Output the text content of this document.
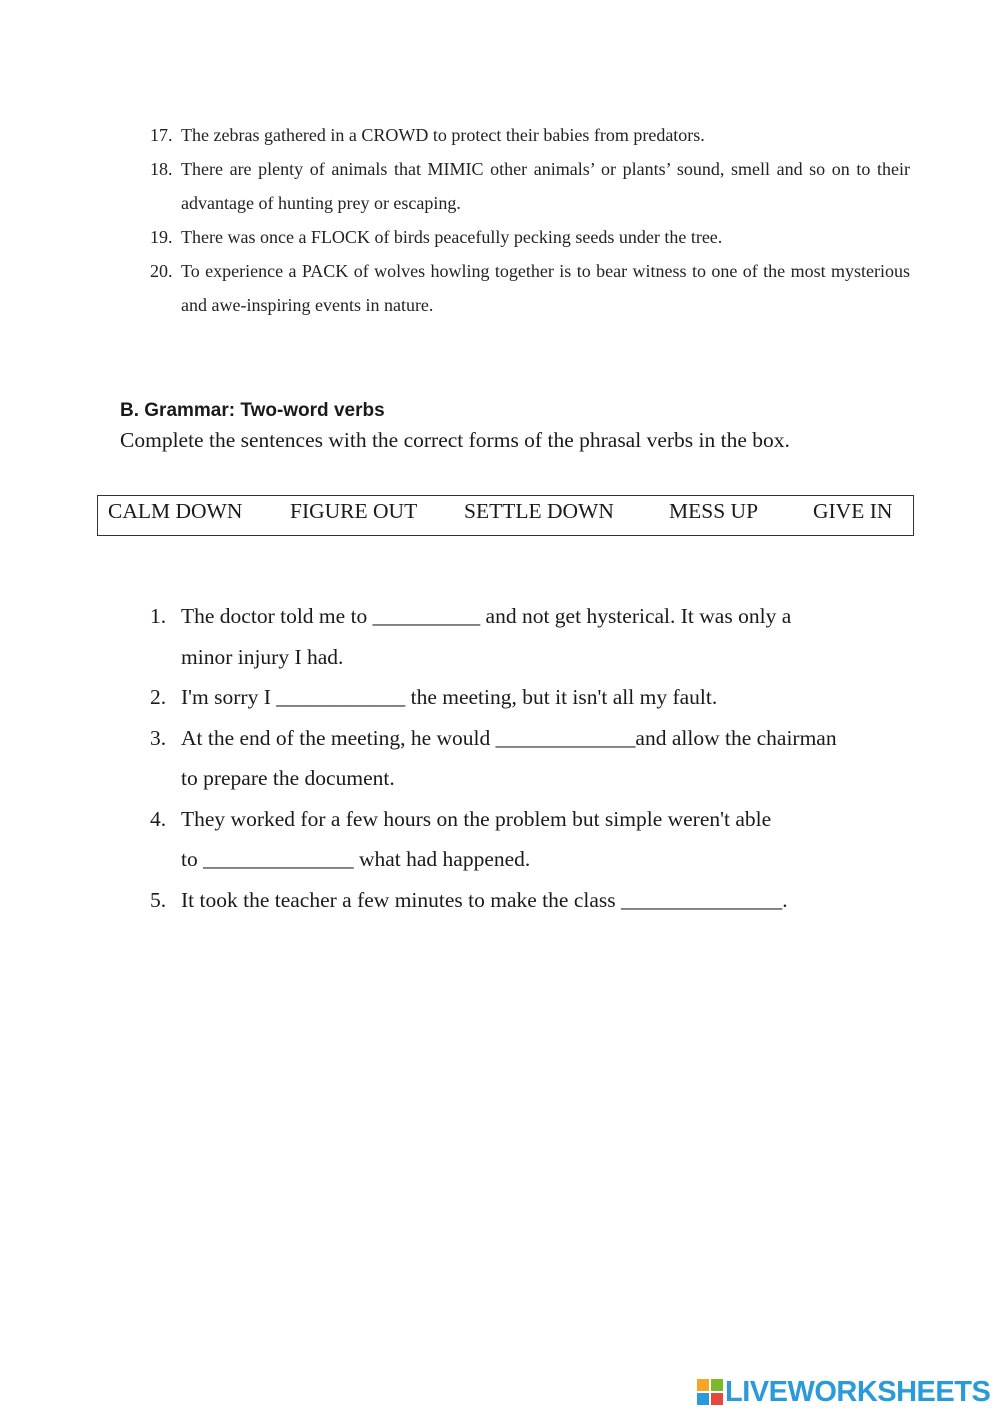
17. The zebras gathered in a CROWD to protect their babies from predators.
18. There are plenty of animals that MIMIC other animals’ or plants’ sound, smell and so on to their advantage of hunting prey or escaping.
19. There was once a FLOCK of birds peacefully pecking seeds under the tree.
20. To experience a PACK of wolves howling together is to bear witness to one of the most mysterious and awe-inspiring events in nature.
B. Grammar: Two-word verbs
Complete the sentences with the correct forms of the phrasal verbs in the box.
CALM DOWN FIGURE OUT SETTLE DOWN	MESS UP	GIVE IN
1. The doctor told me to __________ and not get hysterical. It was only a
minor injury I had.
2. I'm sorry I ____________ the meeting, but it isn't all my fault.
3. At the end of the meeting, he would _____________and allow the chairman
to prepare the document.
4. They worked for a few hours on the problem but simple weren't able
to ______________ what had happened.
5. It took the teacher a few minutes to make the class _______________.
LIVEWORKSHEETS
